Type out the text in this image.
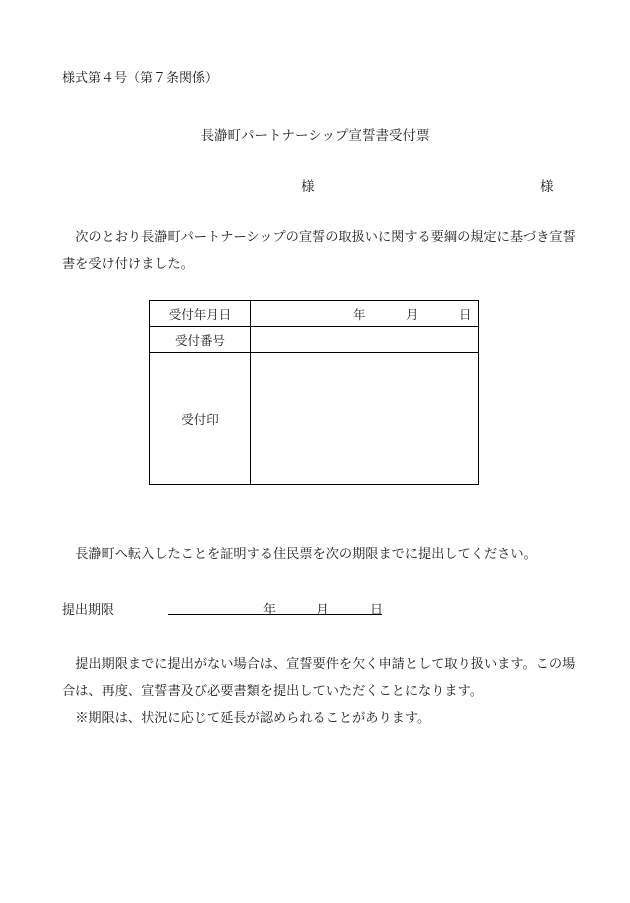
様式第４号（第７条関係）
長瀞町パートナーシップ宣誓書受付票
様	様
次のとおり長瀞町パートナーシップの宣誓の取扱いに関する要綱の規定に基づき宣誓書を受け付けました。
受付年月日	年 月 日

受付番号	
受付印	
長瀞町へ転入したことを証明する住民票を次の期限までに提出してください。
提出期限	年	月	日
提出期限までに提出がない場合は、宣誓要件を欠く申請として取り扱います。この場合は、再度、宣誓書及び必要書類を提出していただくことになります。
※期限は、状況に応じて延長が認められることがあります。
